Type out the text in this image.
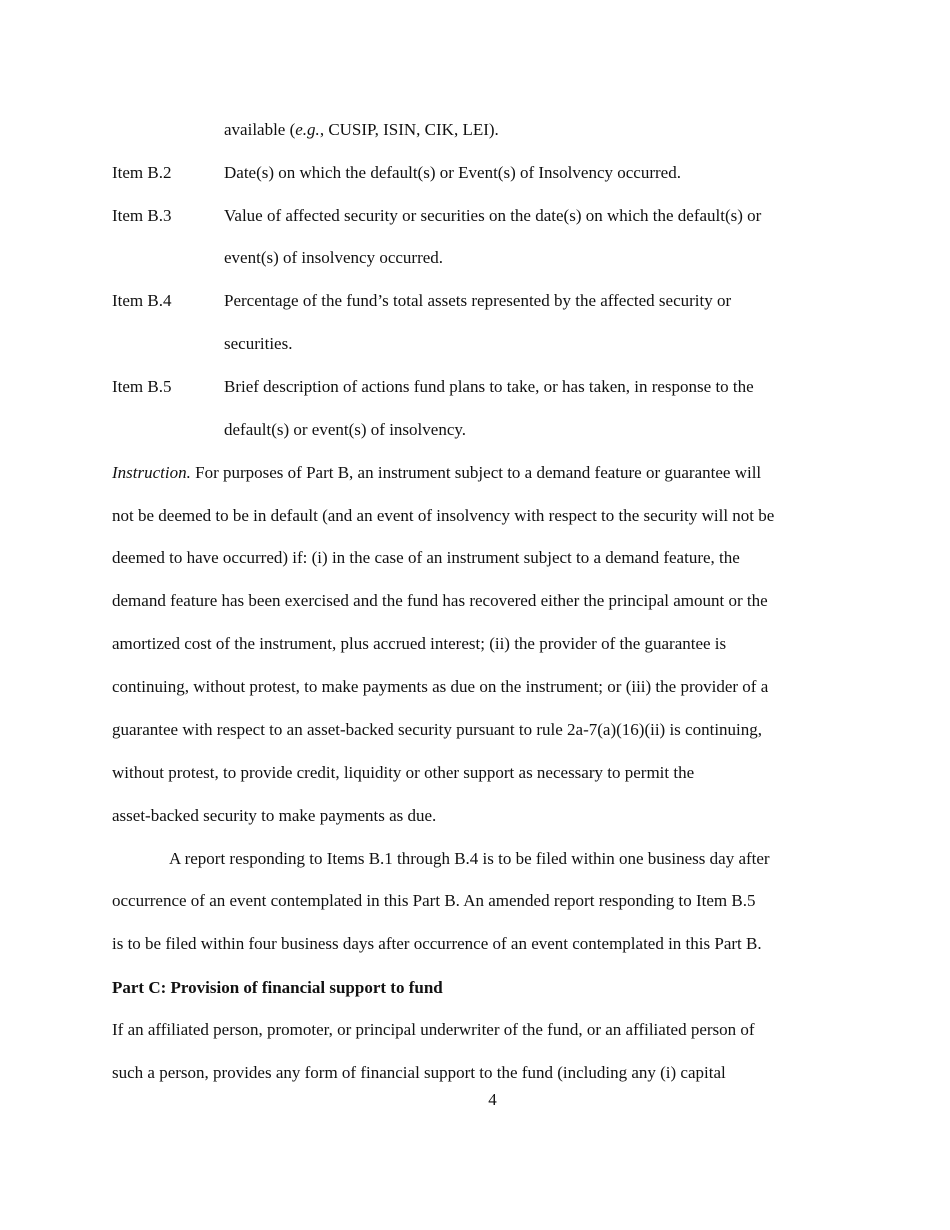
available (e.g., CUSIP, ISIN, CIK, LEI).
Item B.2	Date(s) on which the default(s) or Event(s) of Insolvency occurred.
Item B.3	Value of affected security or securities on the date(s) on which the default(s) or
event(s) of insolvency occurred.
Item B.4	Percentage of the fund’s total assets represented by the affected security or
securities.
Item B.5	Brief description of actions fund plans to take, or has taken, in response to the
default(s) or event(s) of insolvency.
Instruction. For purposes of Part B, an instrument subject to a demand feature or guarantee will
not be deemed to be in default (and an event of insolvency with respect to the security will not be
deemed to have occurred) if: (i) in the case of an instrument subject to a demand feature, the
demand feature has been exercised and the fund has recovered either the principal amount or the
amortized cost of the instrument, plus accrued interest; (ii) the provider of the guarantee is
continuing, without protest, to make payments as due on the instrument; or (iii) the provider of a
guarantee with respect to an asset-backed security pursuant to rule 2a-7(a)(16)(ii) is continuing,
without protest, to provide credit, liquidity or other support as necessary to permit the
asset-backed security to make payments as due.
A report responding to Items B.1 through B.4 is to be filed within one business day after
occurrence of an event contemplated in this Part B. An amended report responding to Item B.5
is to be filed within four business days after occurrence of an event contemplated in this Part B.
Part C: Provision of financial support to fund
If an affiliated person, promoter, or principal underwriter of the fund, or an affiliated person of
such a person, provides any form of financial support to the fund (including any (i) capital
4
